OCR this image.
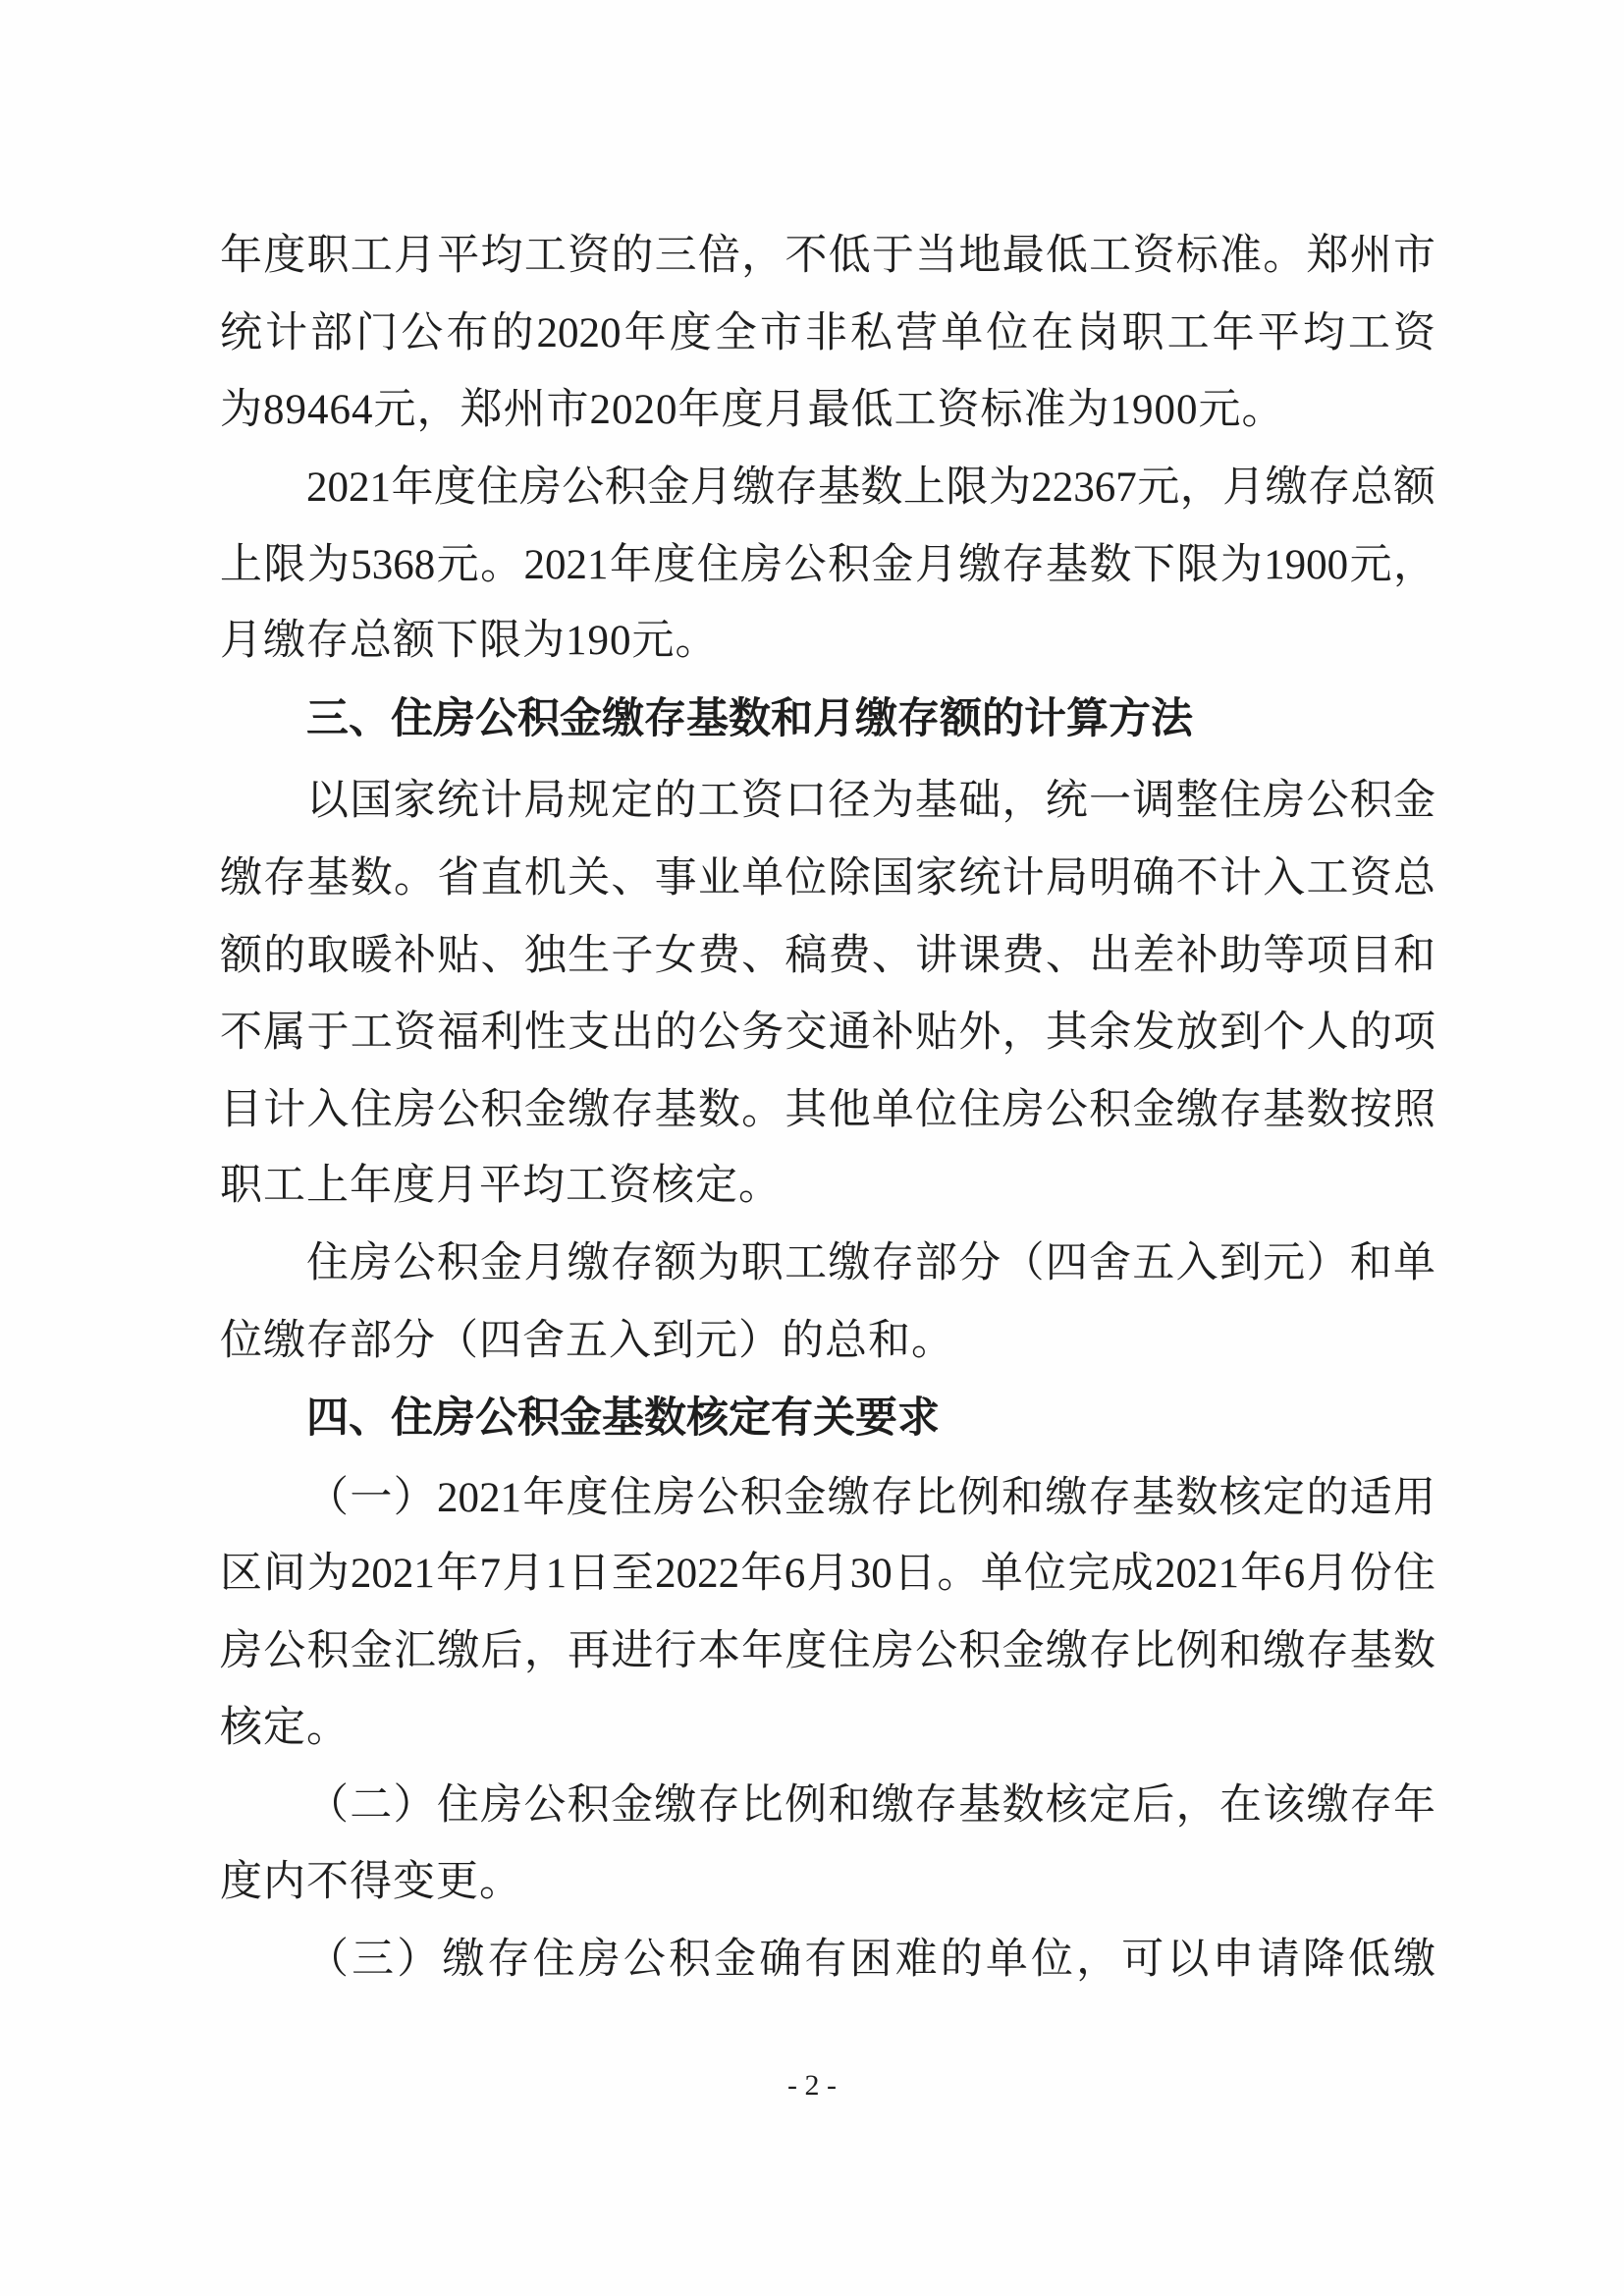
年度职工月平均工资的三倍，不低于当地最低工资标准。郑州市
统计部门公布的2020年度全市非私营单位在岗职工年平均工资
为89464元，郑州市2020年度月最低工资标准为1900元。
2021年度住房公积金月缴存基数上限为22367元，月缴存总额
上限为5368元。2021年度住房公积金月缴存基数下限为1900元，
月缴存总额下限为190元。
三、住房公积金缴存基数和月缴存额的计算方法
以国家统计局规定的工资口径为基础，统一调整住房公积金
缴存基数。省直机关、事业单位除国家统计局明确不计入工资总
额的取暖补贴、独生子女费、稿费、讲课费、出差补助等项目和
不属于工资福利性支出的公务交通补贴外，其余发放到个人的项
目计入住房公积金缴存基数。其他单位住房公积金缴存基数按照
职工上年度月平均工资核定。
住房公积金月缴存额为职工缴存部分（四舍五入到元）和单
位缴存部分（四舍五入到元）的总和。
四、住房公积金基数核定有关要求
（一）2021年度住房公积金缴存比例和缴存基数核定的适用
区间为2021年7月1日至2022年6月30日。单位完成2021年6月份住
房公积金汇缴后，再进行本年度住房公积金缴存比例和缴存基数
核定。
（二）住房公积金缴存比例和缴存基数核定后，在该缴存年
度内不得变更。
（三）缴存住房公积金确有困难的单位，可以申请降低缴
- 2 -
